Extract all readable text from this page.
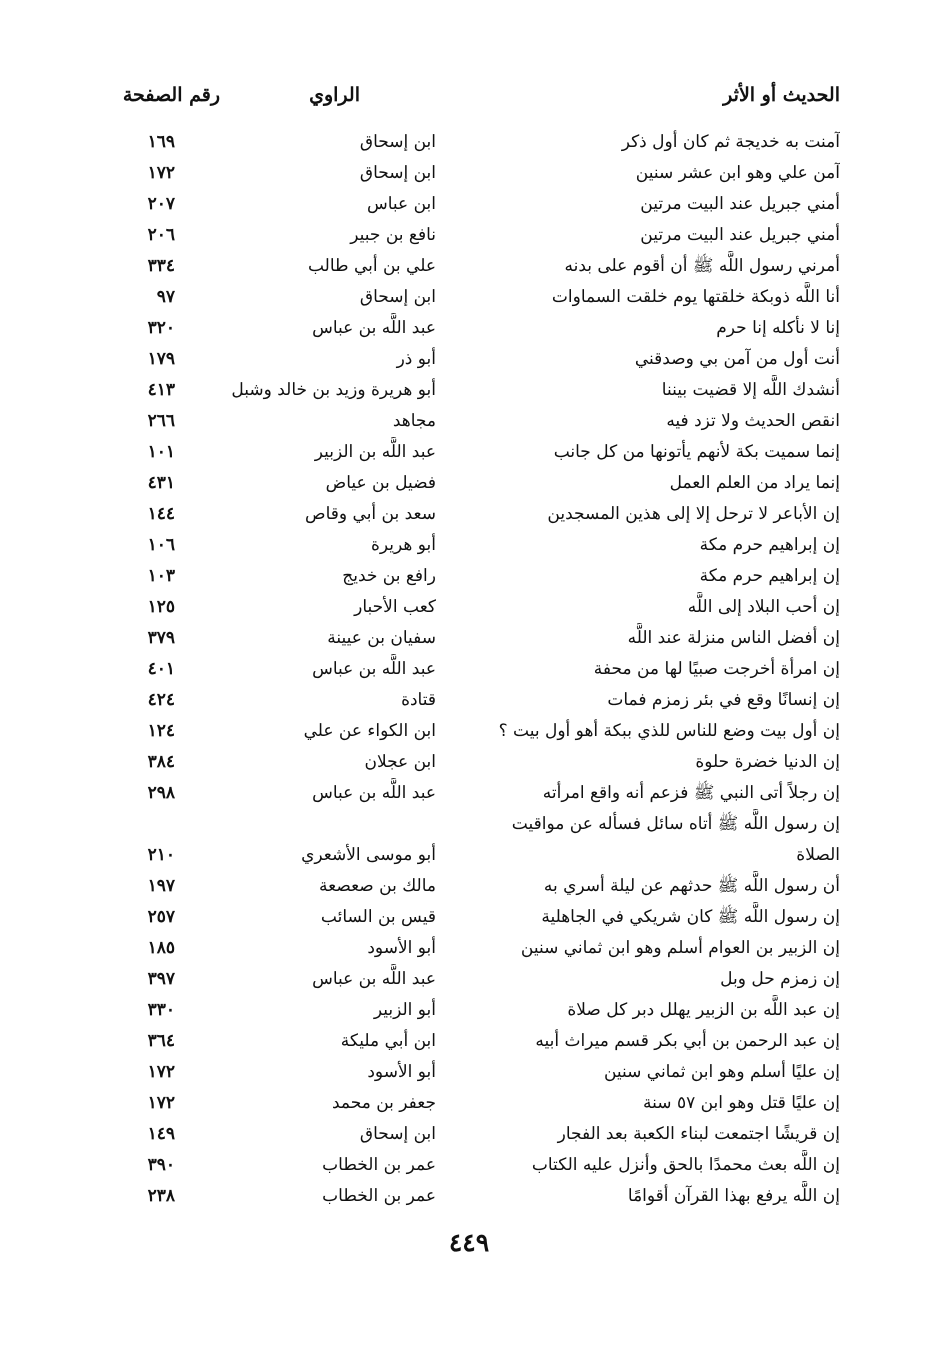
الحديث أو الأثر
الراوي
رقم الصفحة
آمنت به خديجة ثم كان أول ذكر
ابن إسحاق
١٦٩
آمن علي وهو ابن عشر سنين
ابن إسحاق
١٧٢
أمني جبريل عند البيت مرتين
ابن عباس
٢٠٧
أمني جبريل عند البيت مرتين
نافع بن جبير
٢٠٦
أمرني رسول اللَّه ﷺ أن أقوم على بدنه
علي بن أبي طالب
٣٣٤
أنا اللَّه ذوبكة خلقتها يوم خلقت السماوات
ابن إسحاق
٩٧
إنا لا نأكله إنا حرم
عبد اللَّه بن عباس
٣٢٠
أنت أول من آمن بي وصدقني
أبو ذر
١٧٩
أنشدك اللَّه إلا قضيت بيننا
أبو هريرة وزيد بن خالد وشبل
٤١٣
انقص الحديث ولا تزد فيه
مجاهد
٢٦٦
إنما سميت بكة لأنهم يأتونها من كل جانب
عبد اللَّه بن الزبير
١٠١
إنما يراد من العلم العمل
فضيل بن عياض
٤٣١
إن الأباعر لا ترحل إلا إلى هذين المسجدين
سعد بن أبي وقاص
١٤٤
إن إبراهيم حرم مكة
أبو هريرة
١٠٦
إن إبراهيم حرم مكة
رافع بن خديج
١٠٣
إن أحب البلاد إلى اللَّه
كعب الأحبار
١٢٥
إن أفضل الناس منزلة عند اللَّه
سفيان بن عيينة
٣٧٩
إن امرأة أخرجت صبيًا لها من محفة
عبد اللَّه بن عباس
٤٠١
إن إنسانًا وقع في بئر زمزم فمات
قتادة
٤٢٤
إن أول بيت وضع للناس للذي ببكة أهو أول بيت ؟
ابن الكواء عن علي
١٢٤
إن الدنيا خضرة حلوة
ابن عجلان
٣٨٤
إن رجلاً أتى النبي ﷺ فزعم أنه واقع امرأته
عبد اللَّه بن عباس
٢٩٨
إن رسول اللَّه ﷺ أتاه سائل فسأله عن مواقيت
الصلاة
أبو موسى الأشعري
٢١٠
أن رسول اللَّه ﷺ حدثهم عن ليلة أسري به
مالك بن صعصعة
١٩٧
إن رسول اللَّه ﷺ كان شريكي في الجاهلية
قيس بن السائب
٢٥٧
إن الزبير بن العوام أسلم وهو ابن ثماني سنين
أبو الأسود
١٨٥
إن زمزم حل وبل
عبد اللَّه بن عباس
٣٩٧
إن عبد اللَّه بن الزبير يهلل دبر كل صلاة
أبو الزبير
٣٣٠
إن عبد الرحمن بن أبي بكر قسم ميراث أبيه
ابن أبي مليكة
٣٦٤
إن عليًا أسلم وهو ابن ثماني سنين
أبو الأسود
١٧٢
إن عليًا قتل وهو ابن ٥٧ سنة
جعفر بن محمد
١٧٢
إن قريشًا اجتمعت لبناء الكعبة بعد الفجار
ابن إسحاق
١٤٩
إن اللَّه بعث محمدًا بالحق وأنزل عليه الكتاب
عمر بن الخطاب
٣٩٠
إن اللَّه يرفع بهذا القرآن أقوامًا
عمر بن الخطاب
٢٣٨
٤٤٩
